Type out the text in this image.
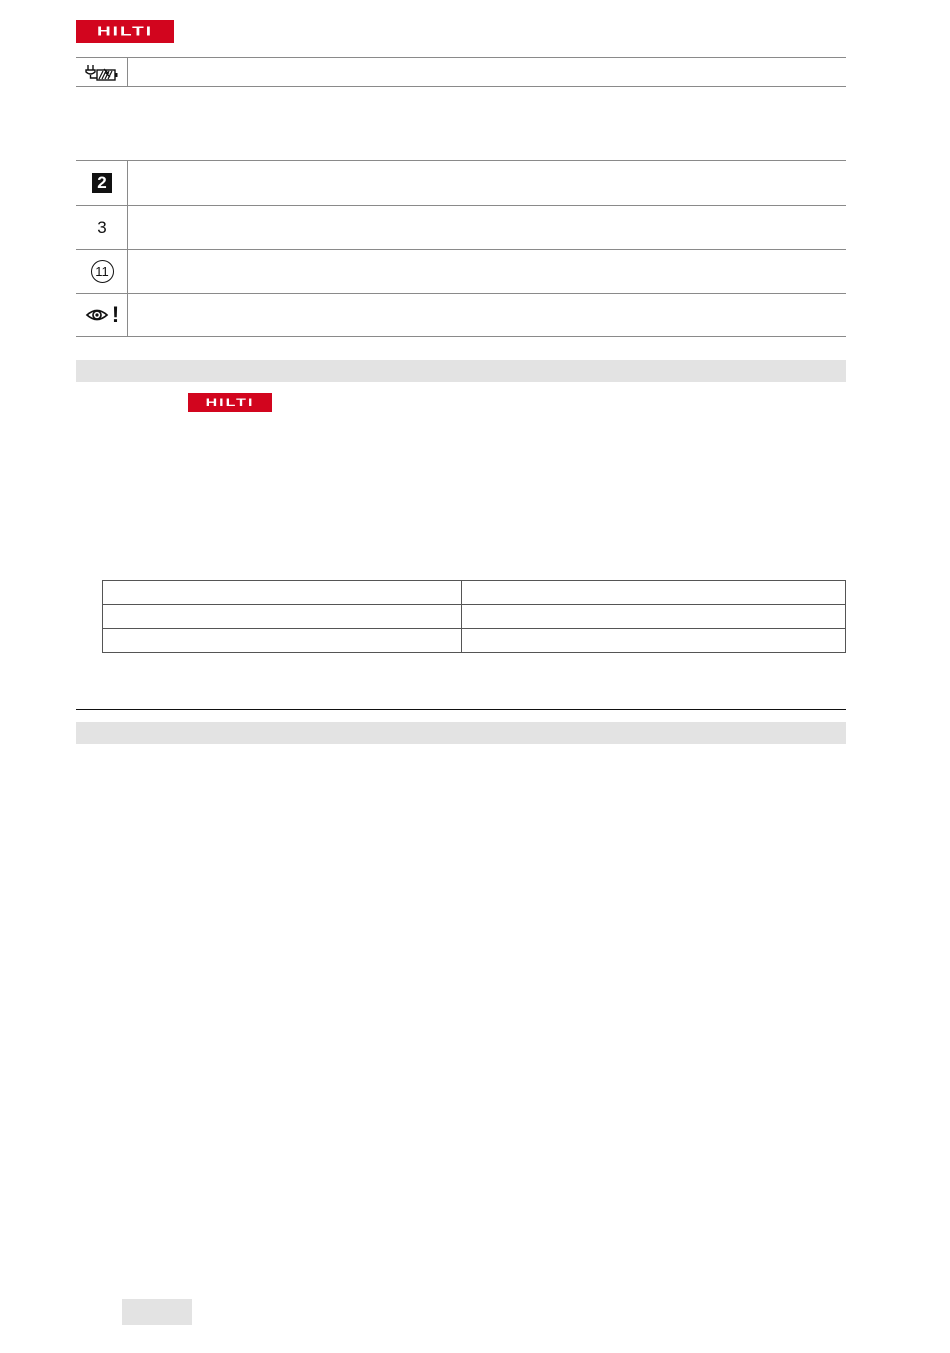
HILTI
2
3
11
!
HILTI
